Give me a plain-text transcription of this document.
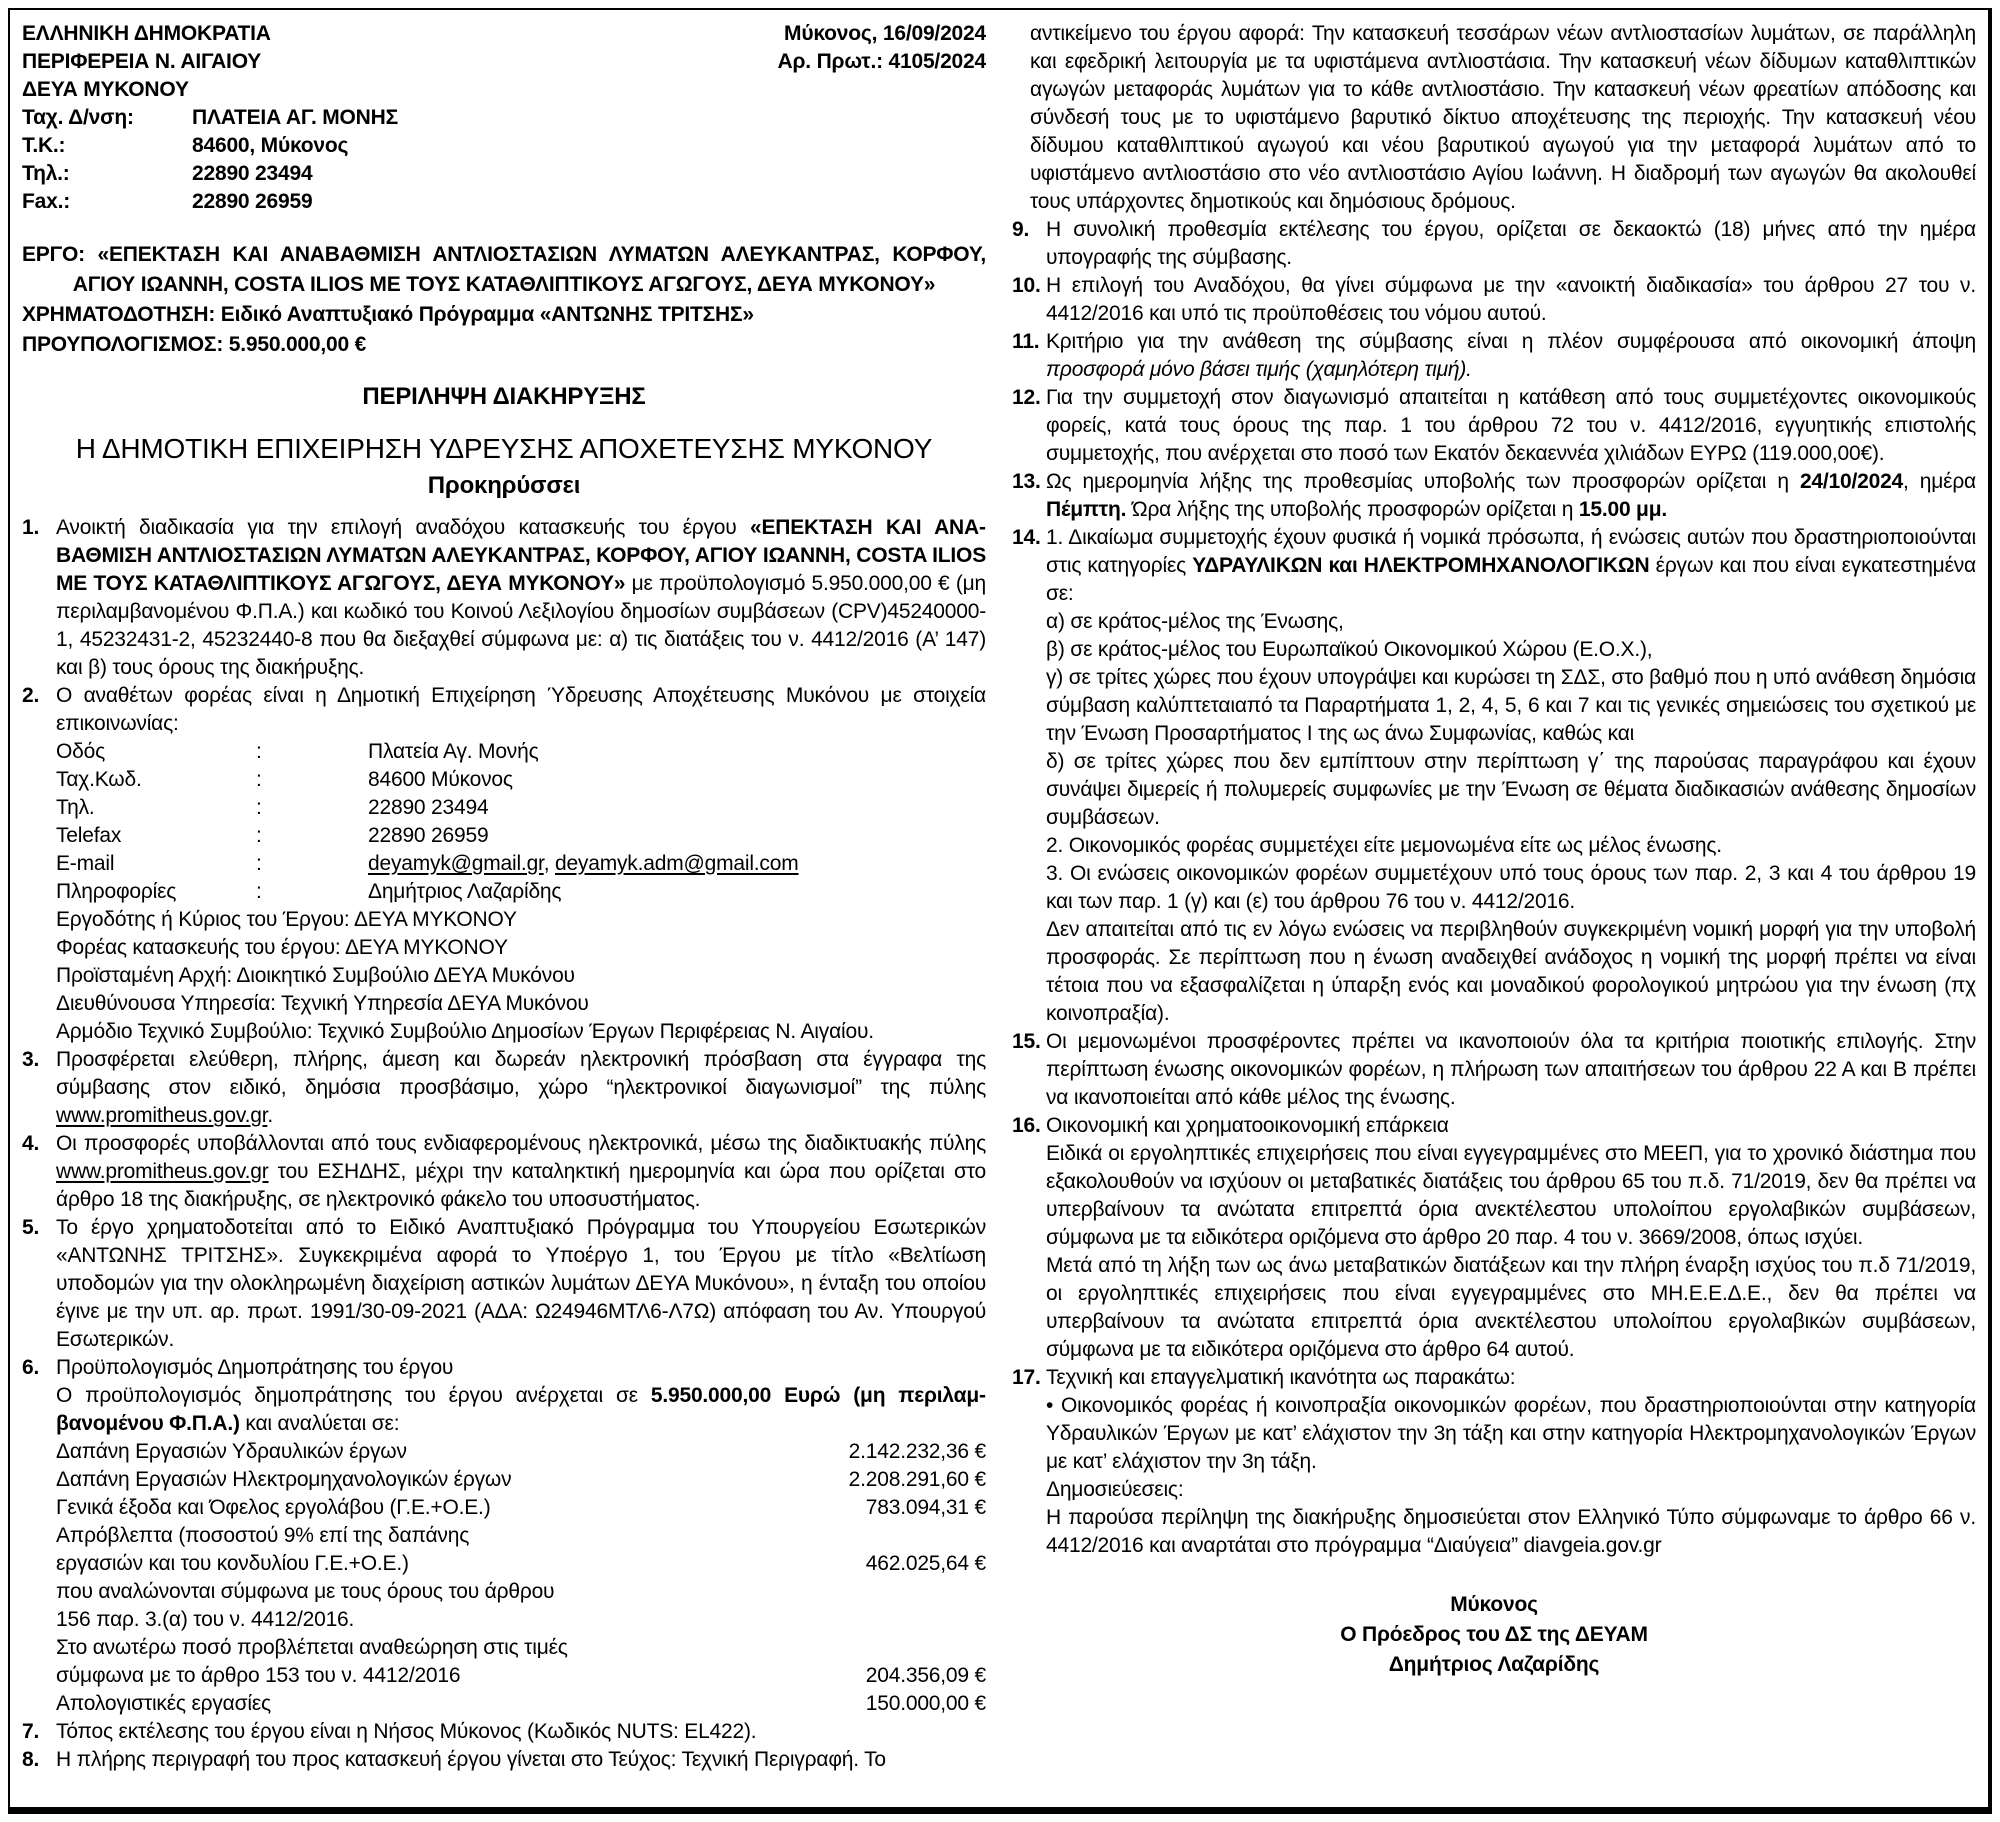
ΕΛΛΗΝΙΚΗ ΔΗΜΟΚΡΑΤΙΑ
ΠΕΡΙΦΕΡΕΙΑ Ν. ΑΙΓΑΙΟΥ
ΔΕΥΑ ΜΥΚΟΝΟΥ
Ταχ. Δ/νση:	ΠΛΑΤΕΙΑ ΑΓ. ΜΟΝΗΣ
Τ.Κ.:	84600, Μύκονος
Τηλ.:	22890 23494
Fax.:	22890 26959
Μύκονος, 16/09/2024
Αρ. Πρωτ.: 4105/2024
ΕΡΓΟ: «ΕΠΕΚΤΑΣΗ ΚΑΙ ΑΝΑΒΑΘΜΙΣΗ ΑΝΤΛΙΟΣΤΑΣΙΩΝ ΛΥΜΑΤΩΝ ΑΛΕΥΚΑΝΤΡΑΣ, ΚΟΡΦΟΥ,
ΑΓΙΟΥ ΙΩΑΝΝΗ, COSTA ILIOS ΜΕ ΤΟΥΣ ΚΑΤΑΘΛΙΠΤΙΚΟΥΣ ΑΓΩΓΟΥΣ, ΔΕΥΑ ΜΥΚΟΝΟΥ»
ΧΡΗΜΑΤΟΔΟΤΗΣΗ: Ειδικό Αναπτυξιακό Πρόγραμμα «ΑΝΤΩΝΗΣ ΤΡΙΤΣΗΣ»
ΠΡΟΥΠΟΛΟΓΙΣΜΟΣ: 5.950.000,00 €
ΠΕΡΙΛΗΨΗ ΔΙΑΚΗΡΥΞΗΣ
Η ΔΗΜΟΤΙΚΗ ΕΠΙΧΕΙΡΗΣΗ ΥΔΡΕΥΣΗΣ ΑΠΟΧΕΤΕΥΣΗΣ ΜΥΚΟΝΟΥ
Προκηρύσσει
1. Ανοικτή διαδικασία για την επιλογή αναδόχου κατασκευής του έργου «ΕΠΕΚΤΑΣΗ ΚΑΙ ΑΝΑΒΑΘΜΙΣΗ ΑΝΤΛΙΟΣΤΑΣΙΩΝ ΛΥΜΑΤΩΝ ΑΛΕΥΚΑΝΤΡΑΣ, ΚΟΡΦΟΥ, ΑΓΙΟΥ ΙΩΑΝΝΗ, COSTA ILIOS ΜΕ ΤΟΥΣ ΚΑΤΑΘΛΙΠΤΙΚΟΥΣ ΑΓΩΓΟΥΣ, ΔΕΥΑ ΜΥΚΟΝΟΥ» με προϋπολογισμό 5.950.000,00 € (μη περιλαμβανομένου Φ.Π.Α.) και κωδικό του Κοινού Λεξιλογίου δημοσίων συμβάσεων (CPV)45240000-1, 45232431-2, 45232440-8 που θα διεξαχθεί σύμφωνα με: α) τις διατάξεις του ν. 4412/2016 (Α’ 147) και β) τους όρους της διακήρυξης.
2. Ο αναθέτων φορέας είναι η Δημοτική Επιχείρηση Ύδρευσης Αποχέτευσης Μυκόνου με στοιχεία επικοινωνίας:
Οδός	:	Πλατεία Αγ. Μονής
Ταχ.Κωδ.	:	84600 Μύκονος
Τηλ.	:	22890 23494
Telefax	:	22890 26959
E-mail	:	deyamyk@gmail.gr, deyamyk.adm@gmail.com
Πληροφορίες	:	Δημήτριος Λαζαρίδης
Εργοδότης ή Κύριος του Έργου: ΔΕΥΑ ΜΥΚΟΝΟΥ
Φορέας κατασκευής του έργου: ΔΕΥΑ ΜΥΚΟΝΟΥ
Προϊσταμένη Αρχή: Διοικητικό Συμβούλιο ΔΕΥΑ Μυκόνου
Διευθύνουσα Υπηρεσία: Τεχνική Υπηρεσία ΔΕΥΑ Μυκόνου
Αρμόδιο Τεχνικό Συμβούλιο: Τεχνικό Συμβούλιο Δημοσίων Έργων Περιφέρειας Ν. Αιγαίου.
3. Προσφέρεται ελεύθερη, πλήρης, άμεση και δωρεάν ηλεκτρονική πρόσβαση στα έγγραφα της σύμβασης στον ειδικό, δημόσια προσβάσιμο, χώρο “ηλεκτρονικοί διαγωνισμοί” της πύλης www.promitheus.gov.gr.
4. Οι προσφορές υποβάλλονται από τους ενδιαφερομένους ηλεκτρονικά, μέσω της διαδικτυακής πύλης www.promitheus.gov.gr του ΕΣΗΔΗΣ, μέχρι την καταληκτική ημερομηνία και ώρα που ορίζεται στο άρθρο 18 της διακήρυξης, σε ηλεκτρονικό φάκελο του υποσυστήματος.
5. Το έργο χρηματοδοτείται από το Ειδικό Αναπτυξιακό Πρόγραμμα του Υπουργείου Εσωτερικών «ΑΝΤΩΝΗΣ ΤΡΙΤΣΗΣ». Συγκεκριμένα αφορά το Υποέργο 1, του Έργου με τίτλο «Βελτίωση υποδομών για την ολοκληρωμένη διαχείριση αστικών λυμάτων ΔΕΥΑ Μυκόνου», η ένταξη του οποίου έγινε με την υπ. αρ. πρωτ. 1991/30-09-2021 (ΑΔΑ: Ω24946ΜΤΛ6-Λ7Ω) απόφαση του Αν. Υπουργού Εσωτερικών.
6. Προϋπολογισμός Δημοπράτησης του έργου
Ο προϋπολογισμός δημοπράτησης του έργου ανέρχεται σε 5.950.000,00 Ευρώ (μη περιλαμβανομένου Φ.Π.Α.) και αναλύεται σε:
Δαπάνη Εργασιών Υδραυλικών έργων	2.142.232,36 €
Δαπάνη Εργασιών Ηλεκτρομηχανολογικών έργων	2.208.291,60 €
Γενικά έξοδα και Όφελος εργολάβου (Γ.Ε.+Ο.Ε.)	783.094,31 €
Απρόβλεπτα (ποσοστού 9% επί της δαπάνης
εργασιών και του κονδυλίου Γ.Ε.+Ο.Ε.)	462.025,64 €
που αναλώνονται σύμφωνα με τους όρους του άρθρου
156 παρ. 3.(α) του ν. 4412/2016.
Στο ανωτέρω ποσό προβλέπεται αναθεώρηση στις τιμές
σύμφωνα με το άρθρο 153 του ν. 4412/2016	204.356,09 €
Απολογιστικές εργασίες	150.000,00 €
7. Τόπος εκτέλεσης του έργου είναι η Νήσος Μύκονος (Κωδικός NUTS: EL422).
8. Η πλήρης περιγραφή του προς κατασκευή έργου γίνεται στο Τεύχος: Τεχνική Περιγραφή. Το
αντικείμενο του έργου αφορά: Την κατασκευή τεσσάρων νέων αντλιοστασίων λυμάτων, σε παράλληλη και εφεδρική λειτουργία με τα υφιστάμενα αντλιοστάσια. Την κατασκευή νέων δίδυμων καταθλιπτικών αγωγών μεταφοράς λυμάτων για το κάθε αντλιοστάσιο. Την κατασκευή νέων φρεατίων απόδοσης και σύνδεσή τους με το υφιστάμενο βαρυτικό δίκτυο αποχέτευσης της περιοχής. Την κατασκευή νέου δίδυμου καταθλιπτικού αγωγού και νέου βαρυτικού αγωγού για την μεταφορά λυμάτων από το υφιστάμενο αντλιοστάσιο στο νέο αντλιοστάσιο Αγίου Ιωάννη. Η διαδρομή των αγωγών θα ακολουθεί τους υπάρχοντες δημοτικούς και δημόσιους δρόμους.
9. Η συνολική προθεσμία εκτέλεσης του έργου, ορίζεται σε δεκαοκτώ (18) μήνες από την ημέρα υπογραφής της σύμβασης.
10. Η επιλογή του Αναδόχου, θα γίνει σύμφωνα με την «ανοικτή διαδικασία» του άρθρου 27 του ν. 4412/2016 και υπό τις προϋποθέσεις του νόμου αυτού.
11. Κριτήριο για την ανάθεση της σύμβασης είναι η πλέον συμφέρουσα από οικονομική άποψη προσφορά μόνο βάσει τιμής (χαμηλότερη τιμή).
12. Για την συμμετοχή στον διαγωνισμό απαιτείται η κατάθεση από τους συμμετέχοντες οικονομικούς φορείς, κατά τους όρους της παρ. 1 του άρθρου 72 του ν. 4412/2016, εγγυητικής επιστολής συμμετοχής, που ανέρχεται στο ποσό των Εκατόν δεκαεννέα χιλιάδων ΕΥΡΩ (119.000,00€).
13. Ως ημερομηνία λήξης της προθεσμίας υποβολής των προσφορών ορίζεται η 24/10/2024, ημέρα Πέμπτη. Ώρα λήξης της υποβολής προσφορών ορίζεται η 15.00 μμ.
14. 1. Δικαίωμα συμμετοχής έχουν φυσικά ή νομικά πρόσωπα, ή ενώσεις αυτών που δραστηριοποιούνται στις κατηγορίες ΥΔΡΑΥΛΙΚΩΝ και ΗΛΕΚΤΡΟΜΗΧΑΝΟΛΟΓΙΚΩΝ έργων και που είναι εγκατεστημένα σε:
α) σε κράτος-μέλος της Ένωσης,
β) σε κράτος-μέλος του Ευρωπαϊκού Οικονομικού Χώρου (Ε.Ο.Χ.),
γ) σε τρίτες χώρες που έχουν υπογράψει και κυρώσει τη ΣΔΣ, στο βαθμό που η υπό ανάθεση δημόσια σύμβαση καλύπτεταιαπό τα Παραρτήματα 1, 2, 4, 5, 6 και 7 και τις γενικές σημειώσεις του σχετικού με την Ένωση Προσαρτήματος Ι της ως άνω Συμφωνίας, καθώς και
δ) σε τρίτες χώρες που δεν εμπίπτουν στην περίπτωση γ΄ της παρούσας παραγράφου και έχουν συνάψει διμερείς ή πολυμερείς συμφωνίες με την Ένωση σε θέματα διαδικασιών ανάθεσης δημοσίων συμβάσεων.
2. Οικονομικός φορέας συμμετέχει είτε μεμονωμένα είτε ως μέλος ένωσης.
3. Οι ενώσεις οικονομικών φορέων συμμετέχουν υπό τους όρους των παρ. 2, 3 και 4 του άρθρου 19 και των παρ. 1 (γ) και (ε) του άρθρου 76 του ν. 4412/2016.
Δεν απαιτείται από τις εν λόγω ενώσεις να περιβληθούν συγκεκριμένη νομική μορφή για την υποβολή προσφοράς. Σε περίπτωση που η ένωση αναδειχθεί ανάδοχος η νομική της μορφή πρέπει να είναι τέτοια που να εξασφαλίζεται η ύπαρξη ενός και μοναδικού φορολογικού μητρώου για την ένωση (πχ κοινοπραξία).
15. Οι μεμονωμένοι προσφέροντες πρέπει να ικανοποιούν όλα τα κριτήρια ποιοτικής επιλογής. Στην περίπτωση ένωσης οικονομικών φορέων, η πλήρωση των απαιτήσεων του άρθρου 22 Α και Β πρέπει να ικανοποιείται από κάθε μέλος της ένωσης.
16. Οικονομική και χρηματοοικονομική επάρκεια
Ειδικά οι εργοληπτικές επιχειρήσεις που είναι εγγεγραμμένες στο ΜΕΕΠ, για το χρονικό διάστημα που εξακολουθούν να ισχύουν οι μεταβατικές διατάξεις του άρθρου 65 του π.δ. 71/2019, δεν θα πρέπει να υπερβαίνουν τα ανώτατα επιτρεπτά όρια ανεκτέλεστου υπολοίπου εργολαβικών συμβάσεων, σύμφωνα με τα ειδικότερα οριζόμενα στο άρθρο 20 παρ. 4 του ν. 3669/2008, όπως ισχύει.
Μετά από τη λήξη των ως άνω μεταβατικών διατάξεων και την πλήρη έναρξη ισχύος του π.δ 71/2019, οι εργοληπτικές επιχειρήσεις που είναι εγγεγραμμένες στο ΜΗ.Ε.Ε.Δ.Ε., δεν θα πρέπει να υπερβαίνουν τα ανώτατα επιτρεπτά όρια ανεκτέλεστου υπολοίπου εργολαβικών συμβάσεων, σύμφωνα με τα ειδικότερα οριζόμενα στο άρθρο 64 αυτού.
17. Τεχνική και επαγγελματική ικανότητα ως παρακάτω:
• Οικονομικός φορέας ή κοινοπραξία οικονομικών φορέων, που δραστηριοποιούνται στην κατηγορία Υδραυλικών Έργων με κατ’ ελάχιστον την 3η τάξη και στην κατηγορία Ηλεκτρομηχανολογικών Έργων με κατ’ ελάχιστον την 3η τάξη.
Δημοσιεύεσεις:
Η παρούσα περίληψη της διακήρυξης δημοσιεύεται στον Ελληνικό Τύπο σύμφωναμε το άρθρο 66 ν. 4412/2016 και αναρτάται στο πρόγραμμα “Διαύγεια” diavgeia.gov.gr
Μύκονος
Ο Πρόεδρος του ΔΣ της ΔΕΥΑΜ
Δημήτριος Λαζαρίδης
